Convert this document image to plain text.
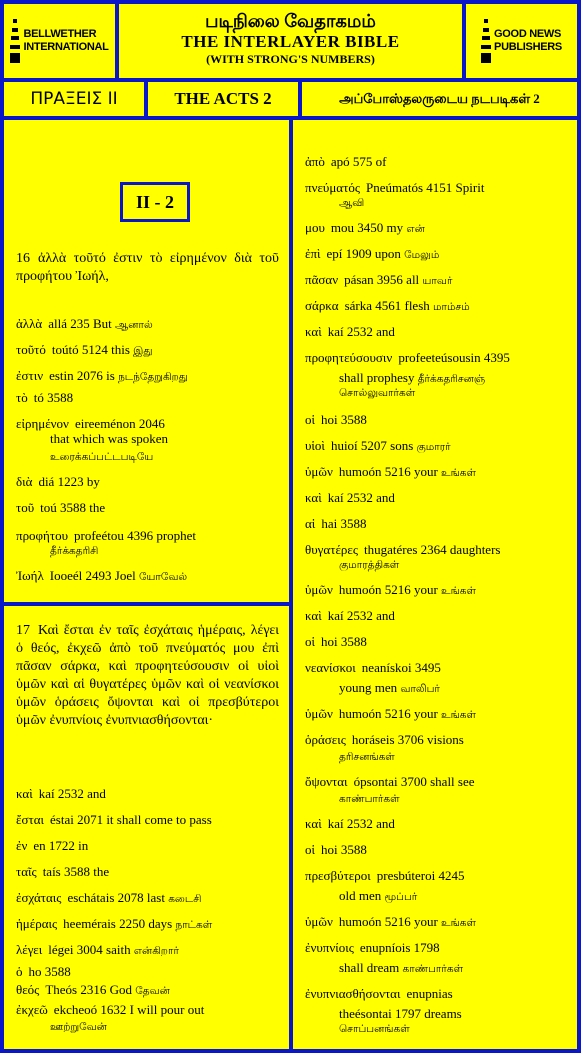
BELLWETHER
INTERNATIONAL
படிநிலை வேதாகமம்
THE INTERLAYER BIBLE
(WITH STRONG'S NUMBERS)
GOOD NEWS
PUBLISHERS
ΠΡΑΞΕΙΣ ΙΙ	THE ACTS 2	அப்போஸ்தலருடைய நடபடிகள் 2
II - 2
16 ἀλλὰ τοῦτό ἐστιν τὸ εἰρημένον διὰ τοῦ προφήτου Ἰωήλ,
ἀλλὰ allá 235 But ஆனால்
τοῦτό toútó 5124 this இது
ἐστιν estin 2076 is நடந்தேறுகிறது
τὸ tó 3588
εἰρημένον eireeménon 2046
that which was spoken
உரைக்கப்பட்டபடியே
διὰ diá 1223 by
τοῦ toú 3588 the
προφήτου profeétou 4396 prophet
தீர்க்கதரிசி
Ἰωήλ Iooeél 2493 Joel யோவேல்
17 Καὶ ἔσται ἐν ταῖς ἐσχάταις ἡμέραις, λέγει ὁ θεός, ἐκχεῶ ἀπὸ τοῦ πνεύματός μου ἐπὶ πᾶσαν σάρκα, καὶ προφητεύσουσιν οἱ υἱοὶ ὑμῶν καὶ αἱ θυγατέρες ὑμῶν καὶ οἱ νεανίσκοι ὑμῶν ὁράσεις ὄψονται καὶ οἱ πρεσβύτεροι ὑμῶν ἐνυπνίοις ἐνυπνιασθήσονται·
καὶ kaí 2532 and
ἔσται éstai 2071 it shall come to pass
ἐν en 1722 in
ταῖς taís 3588 the
ἐσχάταις eschátais 2078 last கடைசி
ἡμέραις heemérais 2250 days நாட்கள்
λέγει légei 3004 saith என்கிறார்
ὁ ho 3588
θεός Theós 2316 God தேவன்
ἐκχεῶ ekcheoó 1632 I will pour out
ஊற்றுவேன்
ἀπὸ apó 575 of
πνεύματός Pneúmatós 4151 Spirit
ஆவி
μου mou 3450 my என்
ἐπὶ epí 1909 upon மேலும்
πᾶσαν pásan 3956 all யாவர்
σάρκα sárka 4561 flesh மாம்சம்
καὶ kaí 2532 and
προφητεύσουσιν profeeteúsousin 4395
shall prophesy தீர்க்கதரிசனஞ்
சொல்லுவார்கள்
οἱ hoi 3588
υἱοὶ huioí 5207 sons குமாரர்
ὑμῶν humoón 5216 your உங்கள்
καὶ kaí 2532 and
αἱ hai 3588
θυγατέρες thugatéres 2364 daughters
குமாரத்திகள்
ὑμῶν humoón 5216 your உங்கள்
καὶ kaí 2532 and
οἱ hoi 3588
νεανίσκοι neanískoi 3495
young men வாலிபர்
ὑμῶν humoón 5216 your உங்கள்
ὁράσεις horáseis 3706 visions
தரிசனங்கள்
ὄψονται ópsontai 3700 shall see
காண்பார்கள்
καὶ kaí 2532 and
οἱ hoi 3588
πρεσβύτεροι presbúteroi 4245
old men மூப்பர்
ὑμῶν humoón 5216 your உங்கள்
ἐνυπνίοις enupníois 1798
shall dream காண்பார்கள்
ἐνυπνιασθήσονται enupnias
theésontai 1797 dreams
சொப்பனங்கள்
